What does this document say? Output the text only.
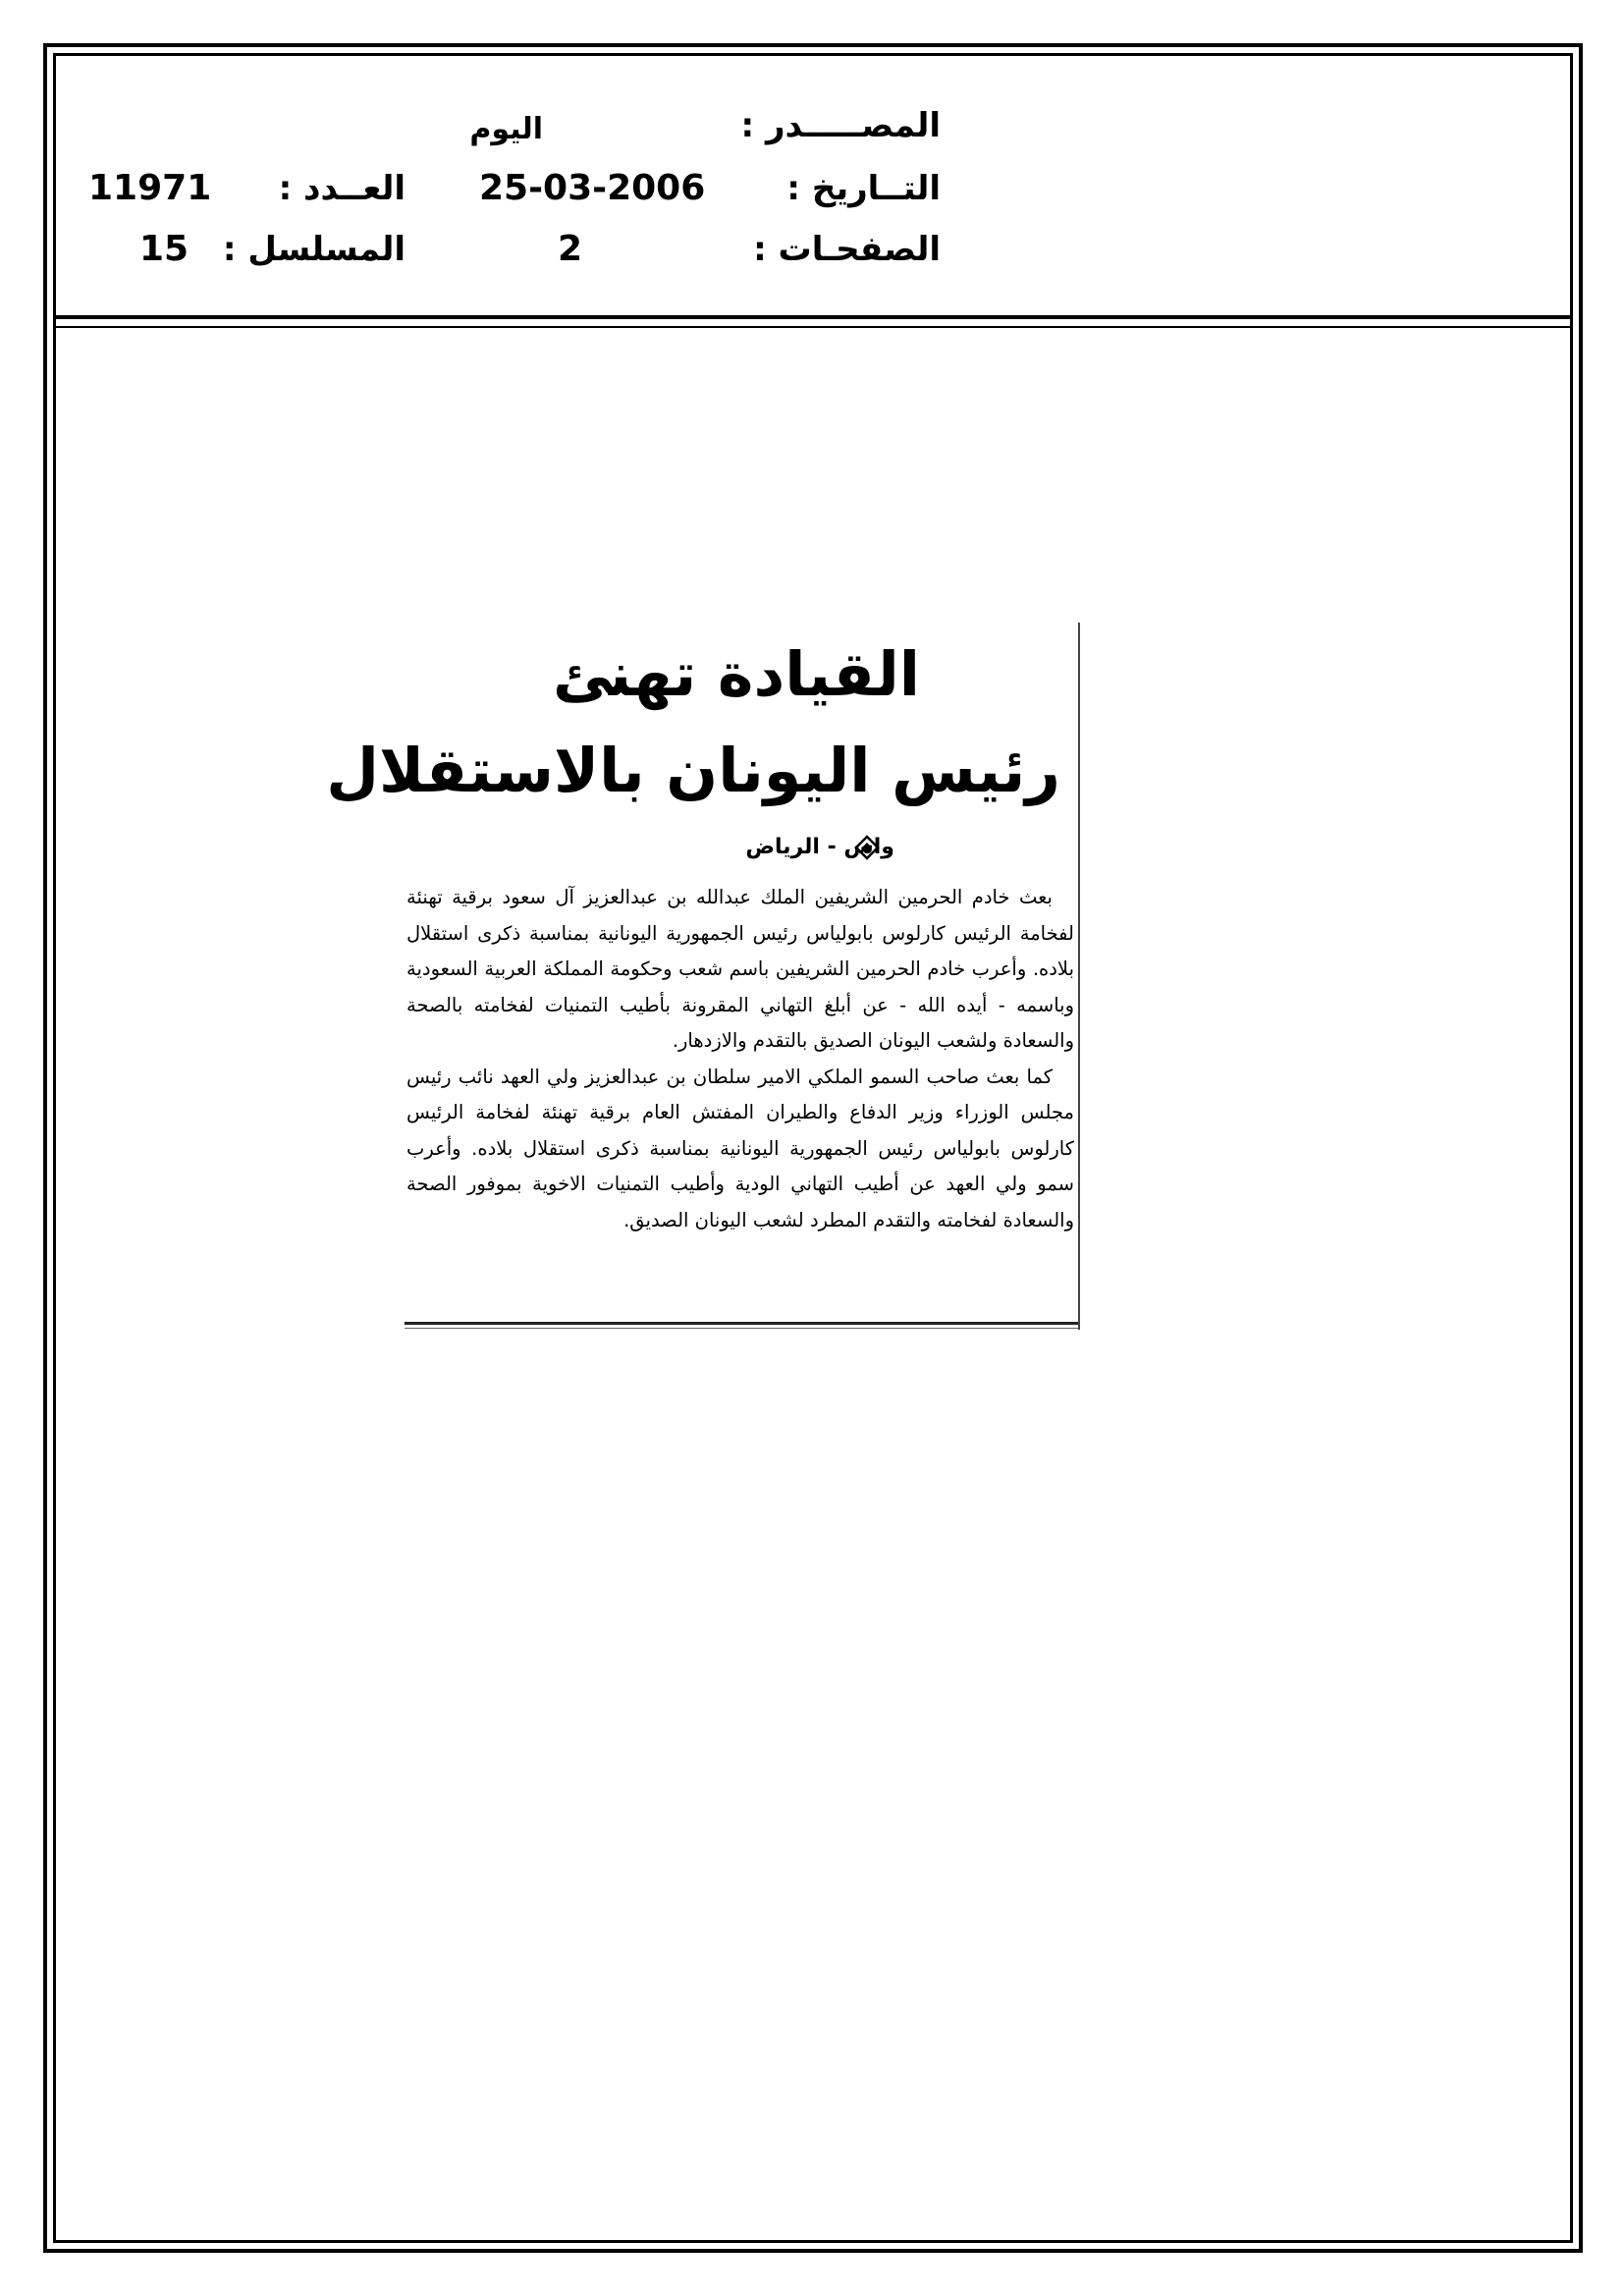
المصـــــدر :
اليوم
التــاريخ :
25-03-2006
العــدد :
11971
الصفحـات :
2
المسلسل :
15
القيادة تهنئ
رئيس اليونان بالاستقلال
واس - الرياض

بعث خادم الحرمين الشريفين الملك عبدالله بن عبدالعزيز آل سعود برقية تهنئة لفخامة الرئيس كارلوس بابولياس رئيس الجمهورية اليونانية بمناسبة ذكرى استقلال بلاده. وأعرب خادم الحرمين الشريفين باسم شعب وحكومة المملكة العربية السعودية وباسمه - أيده الله - عن أبلغ التهاني المقرونة بأطيب التمنيات لفخامته بالصحة والسعادة ولشعب اليونان الصديق بالتقدم والازدهار.

كما بعث صاحب السمو الملكي الامير سلطان بن عبدالعزيز ولي العهد نائب رئيس مجلس الوزراء وزير الدفاع والطيران المفتش العام برقية تهنئة لفخامة الرئيس كارلوس بابولياس رئيس الجمهورية اليونانية بمناسبة ذكرى استقلال بلاده. وأعرب سمو ولي العهد عن أطيب التهاني الودية وأطيب التمنيات الاخوية بموفور الصحة والسعادة لفخامته والتقدم المطرد لشعب اليونان الصديق.
